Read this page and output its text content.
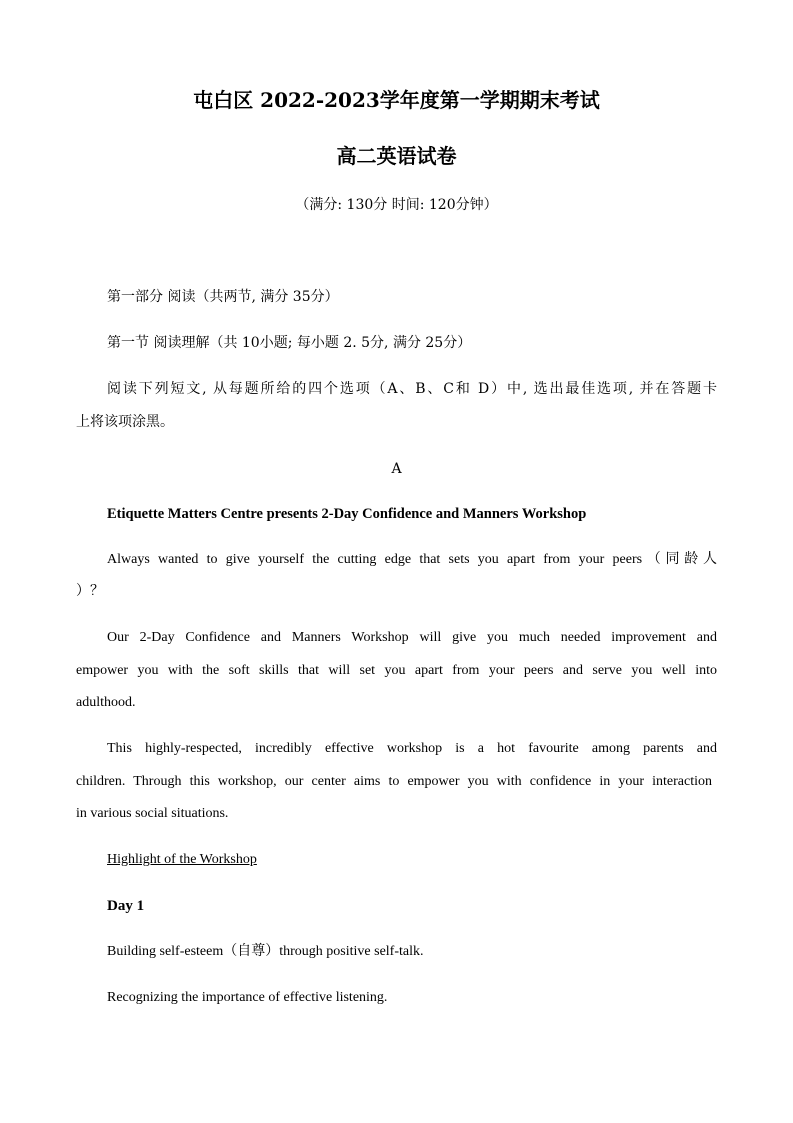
屯白区 2022-2023学年度第一学期期末考试
高二英语试卷
（满分: 130分 时间: 120分钟）
第一部分 阅读（共两节, 满分 35分）
第一节 阅读理解（共 10小题; 每小题 2. 5分, 满分 25分）
阅读下列短文, 从每题所给的四个选项（A、B、C和 D）中, 选出最佳选项, 并在答题卡
上将该项涂黑。
A
Etiquette Matters Centre presents 2-Day Confidence and Manners Workshop
Always wanted to give yourself the cutting edge that sets you apart from your peers（同龄人
）？
Our 2-Day Confidence and Manners Workshop will give you much needed improvement and
empower you with the soft skills that will set you apart from your peers and serve you well into
adulthood.
This highly-respected, incredibly effective workshop is a hot favourite among parents and
children. Through this workshop, our center aims to empower you with confidence in your interaction
in various social situations.
Highlight of the Workshop
Day 1
Building self-esteem（自尊）through positive self-talk.
Recognizing the importance of effective listening.
